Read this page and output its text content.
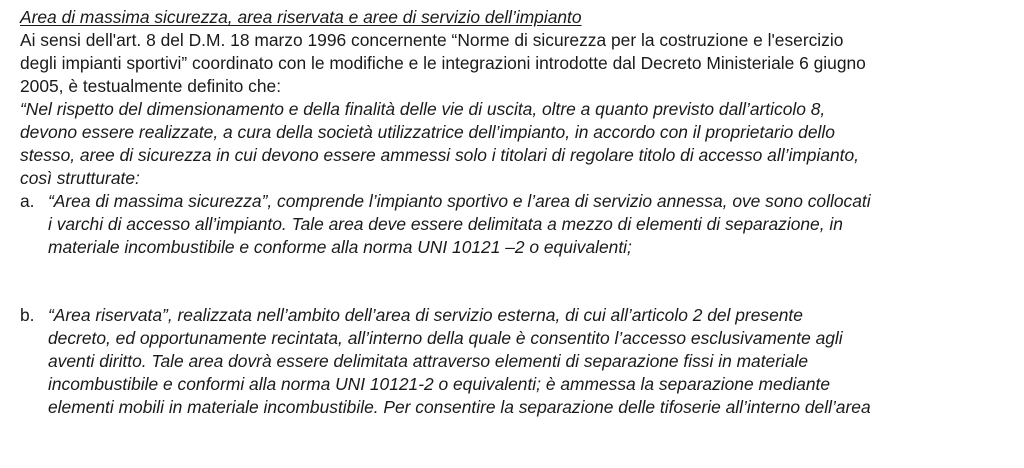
Area di massima sicurezza, area riservata e aree di servizio dell’impianto
Ai sensi dell'art. 8 del D.M. 18 marzo 1996 concernente “Norme di sicurezza per la costruzione e l'esercizio
degli impianti sportivi” coordinato con le modifiche e le integrazioni introdotte dal Decreto Ministeriale 6 giugno
2005, è testualmente definito che:
“Nel rispetto del dimensionamento e della finalità delle vie di uscita, oltre a quanto previsto dall’articolo 8,
devono essere realizzate, a cura della società utilizzatrice dell’impianto, in accordo con il proprietario dello
stesso, aree di sicurezza in cui devono essere ammessi solo i titolari di regolare titolo di accesso all’impianto,
così strutturate:
a. “Area di massima sicurezza”, comprende l’impianto sportivo e l’area di servizio annessa, ove sono collocati
i varchi di accesso all’impianto. Tale area deve essere delimitata a mezzo di elementi di separazione, in
materiale incombustibile e conforme alla norma UNI 10121 –2 o equivalenti;
b. “Area riservata”, realizzata nell’ambito dell’area di servizio esterna, di cui all’articolo 2 del presente
decreto, ed opportunamente recintata, all’interno della quale è consentito l’accesso esclusivamente agli
aventi diritto. Tale area dovrà essere delimitata attraverso elementi di separazione fissi in materiale
incombustibile e conformi alla norma UNI 10121-2 o equivalenti; è ammessa la separazione mediante
elementi mobili in materiale incombustibile. Per consentire la separazione delle tifoserie all’interno dell’area
